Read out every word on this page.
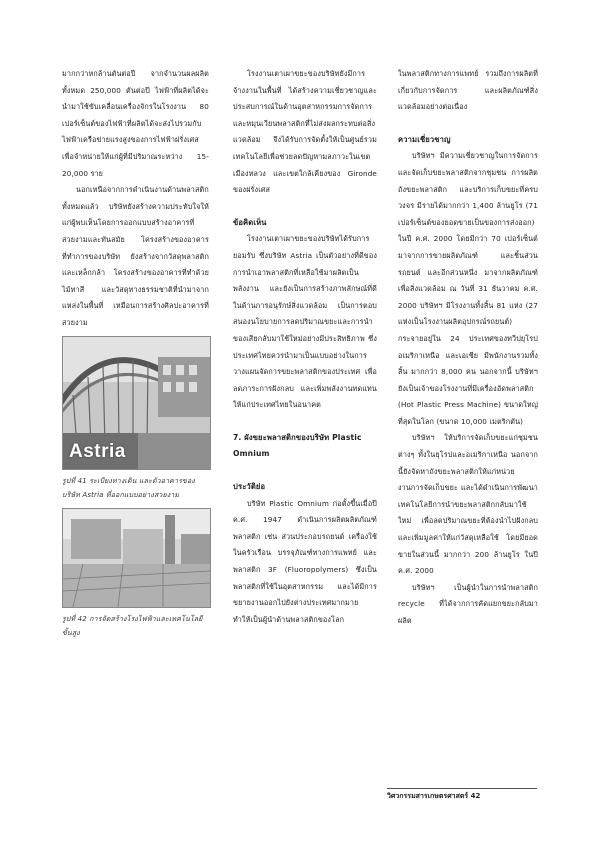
มากกว่าหกล้านตันต่อปี จากจำนวนผลผลิตทั้งหมด 250,000 ตันต่อปี ไฟฟ้าที่ผลิตได้จะนำมาใช้ขับเคลื่อนเครื่องจักรในโรงงาน 80 เปอร์เซ็นต์ของไฟฟ้าที่ผลิตได้จะส่งไปรวมกับไฟฟ้าเครือข่ายแรงสูงของการไฟฟ้าฝรั่งเศส เพื่อจำหน่ายให้แก่ผู้ที่มีปริมาณระหว่าง 15-20,000 ราย

นอกเหนือจากการดำเนินงานด้านพลาสติกทั้งหมดแล้ว บริษัทยังสร้างความประทับใจให้แก่ผู้พบเห็นโดยการออกแบบสร้างอาคารที่สวยงามและทันสมัย โครงสร้างของอาคารที่ทำการของบริษัท ยังสร้างจากวัสดุพลาสติกและเหล็กกล้า โครงสร้างของอาคารที่ทำด้วยไม้ทาสี และวัสดุทางธรรมชาติที่นำมาจากแหล่งในพื้นที่ เหมือนการสร้างศิลปะอาคารที่สวยงาม

Astria
รูปที่ 41 ระเบียงทางเดิน และตัวอาคารของบริษัท Astria ที่ออกแบบอย่างสวยงาม
รูปที่ 42 การจัดสร้างโรงไฟฟ้าและเทคโนโลยีขั้นสูง

โรงงานเตาเผาขยะของบริษัทยังมีการจ้างงานในพื้นที่ ได้สร้างความเชี่ยวชาญและประสบการณ์ในด้านอุตสาหกรรมการจัดการ และหมุนเวียนพลาสติกที่ไม่ส่งผลกระทบต่อสิ่งแวดล้อม จึงได้รับการจัดตั้งให้เป็นศูนย์รวมเทคโนโลยีเพื่อช่วยลดปัญหามลภาวะในเขตเมืองหลวง และเขตใกล้เคียงของ Gironde ของฝรั่งเศส

ข้อคิดเห็น

โรงงานเตาเผาขยะของบริษัทได้รับการยอมรับ ซึ่งบริษัท Astria เป็นตัวอย่างที่ดีของการนำเอาพลาสติกที่เหลือใช้มาผลิตเป็นพลังงาน และยังเป็นการสร้างภาพลักษณ์ที่ดีในด้านการอนุรักษ์สิ่งแวดล้อม เป็นการตอบสนองนโยบายการลดปริมาณขยะและการนำของเสียกลับมาใช้ใหม่อย่างมีประสิทธิภาพ ซึ่งประเทศไทยควรนำมาเป็นแบบอย่างในการวางแผนจัดการขยะพลาสติกของประเทศ เพื่อลดภาระการฝังกลบ และเพิ่มพลังงานทดแทนให้แก่ประเทศไทยในอนาคต

7. ผังขยะพลาสติกของบริษัท Plastic Omnium
ประวัติย่อ

บริษัท Plastic Omnium ก่อตั้งขึ้นเมื่อปี ค.ศ. 1947 ดำเนินการผลิตผลิตภัณฑ์พลาสติก เช่น ส่วนประกอบรถยนต์ เครื่องใช้ในครัวเรือน บรรจุภัณฑ์ทางการแพทย์ และพลาสติก 3F (Fluoropolymers) ซึ่งเป็นพลาสติกที่ใช้ในอุตสาหกรรม และได้มีการขยายงานออกไปยังต่างประเทศมากมาย ทำให้เป็นผู้นำด้านพลาสติกของโลก

ในพลาสติกทางการแพทย์ รวมถึงการผลิตที่เกี่ยวกับการจัดการ และผลิตภัณฑ์สิ่งแวดล้อมอย่างต่อเนื่อง

ความเชี่ยวชาญ

บริษัทฯ มีความเชี่ยวชาญในการจัดการ และจัดเก็บขยะพลาสติกจากชุมชน การผลิตถังขยะพลาสติก และบริการเก็บขยะที่ครบวงจร มีรายได้มากกว่า 1,400 ล้านยูโร (71 เปอร์เซ็นต์ของยอดขายเป็นของการส่งออก) ในปี ค.ศ. 2000 โดยมีกว่า 70 เปอร์เซ็นต์ มาจากการขายผลิตภัณฑ์ และชิ้นส่วนรถยนต์ และอีกส่วนหนึ่ง มาจากผลิตภัณฑ์เพื่อสิ่งแวดล้อม ณ วันที่ 31 ธันวาคม ค.ศ. 2000 บริษัทฯ มีโรงงานทั้งสิ้น 81 แห่ง (27 แห่งเป็นโรงงานผลิตอุปกรณ์รถยนต์) กระจายอยู่ใน 24 ประเทศของทวีปยุโรป อเมริกาเหนือ และเอเชีย มีพนักงานรวมทั้งสิ้น มากกว่า 8,000 คน นอกจากนี้ บริษัทฯ ยังเป็นเจ้าของโรงงานที่มีเครื่องอัดพลาสติก (Hot Plastic Press Machine) ขนาดใหญ่ที่สุดในโลก (ขนาด 10,000 เมตริกตัน)

บริษัทฯ ให้บริการจัดเก็บขยะแก่ชุมชนต่างๆ ทั้งในยุโรปและอเมริกาเหนือ นอกจากนี้ยังจัดหาถังขยะพลาสติกให้แก่หน่วยงานการจัดเก็บขยะ และได้ดำเนินการพัฒนาเทคโนโลยีการนำขยะพลาสติกกลับมาใช้ใหม่ เพื่อลดปริมาณขยะที่ต้องนำไปฝังกลบ และเพิ่มมูลค่าให้แก่วัสดุเหลือใช้ โดยมียอดขายในส่วนนี้ มากกว่า 200 ล้านยูโร ในปี ค.ศ. 2000

บริษัทฯ เป็นผู้นำในการนำพลาสติก recycle ที่ได้จากการคัดแยกขยะกลับมาผลิต

วิศวกรรมสารเกษตรศาสตร์ 42
